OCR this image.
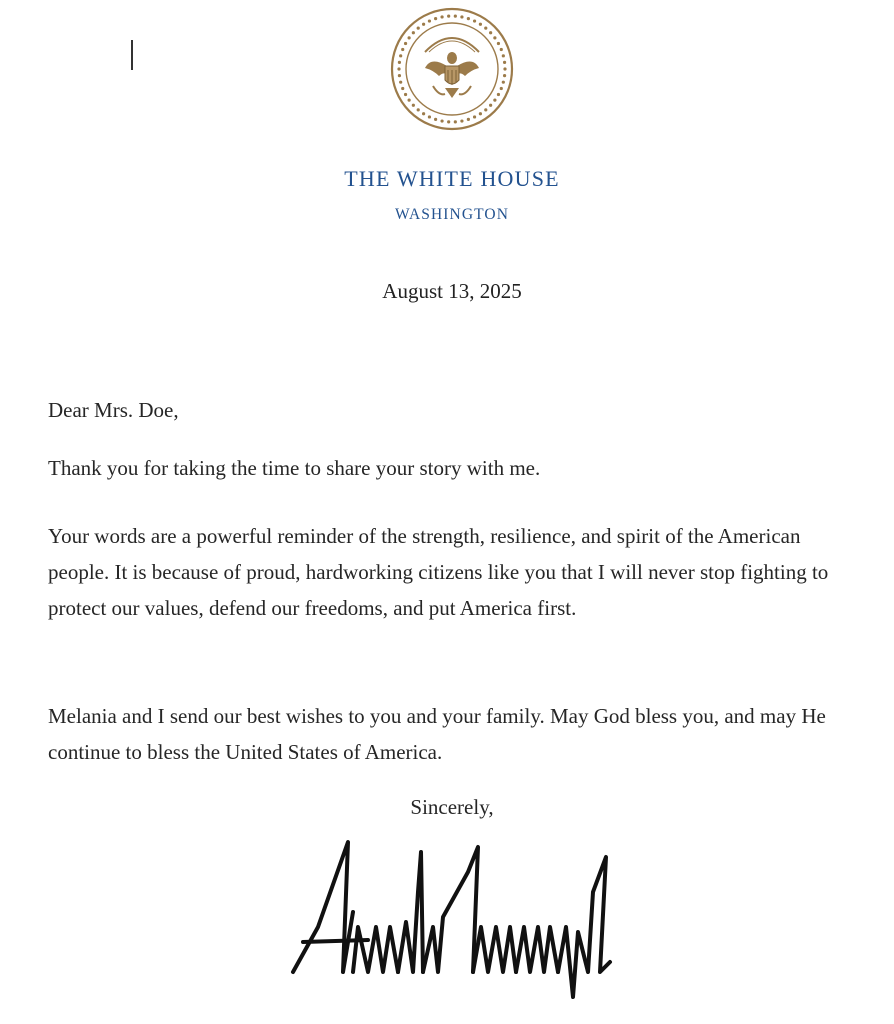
THE WHITE HOUSE
WASHINGTON
August 13, 2025
Dear Mrs. Doe,
Thank you for taking the time to share your story with me.
Your words are a powerful reminder of the strength, resilience, and spirit of the American people. It is because of proud, hardworking citizens like you that I will never stop fighting to protect our values, defend our freedoms, and put America first.
Melania and I send our best wishes to you and your family. May God bless you, and may He continue to bless the United States of America.
Sincerely,
